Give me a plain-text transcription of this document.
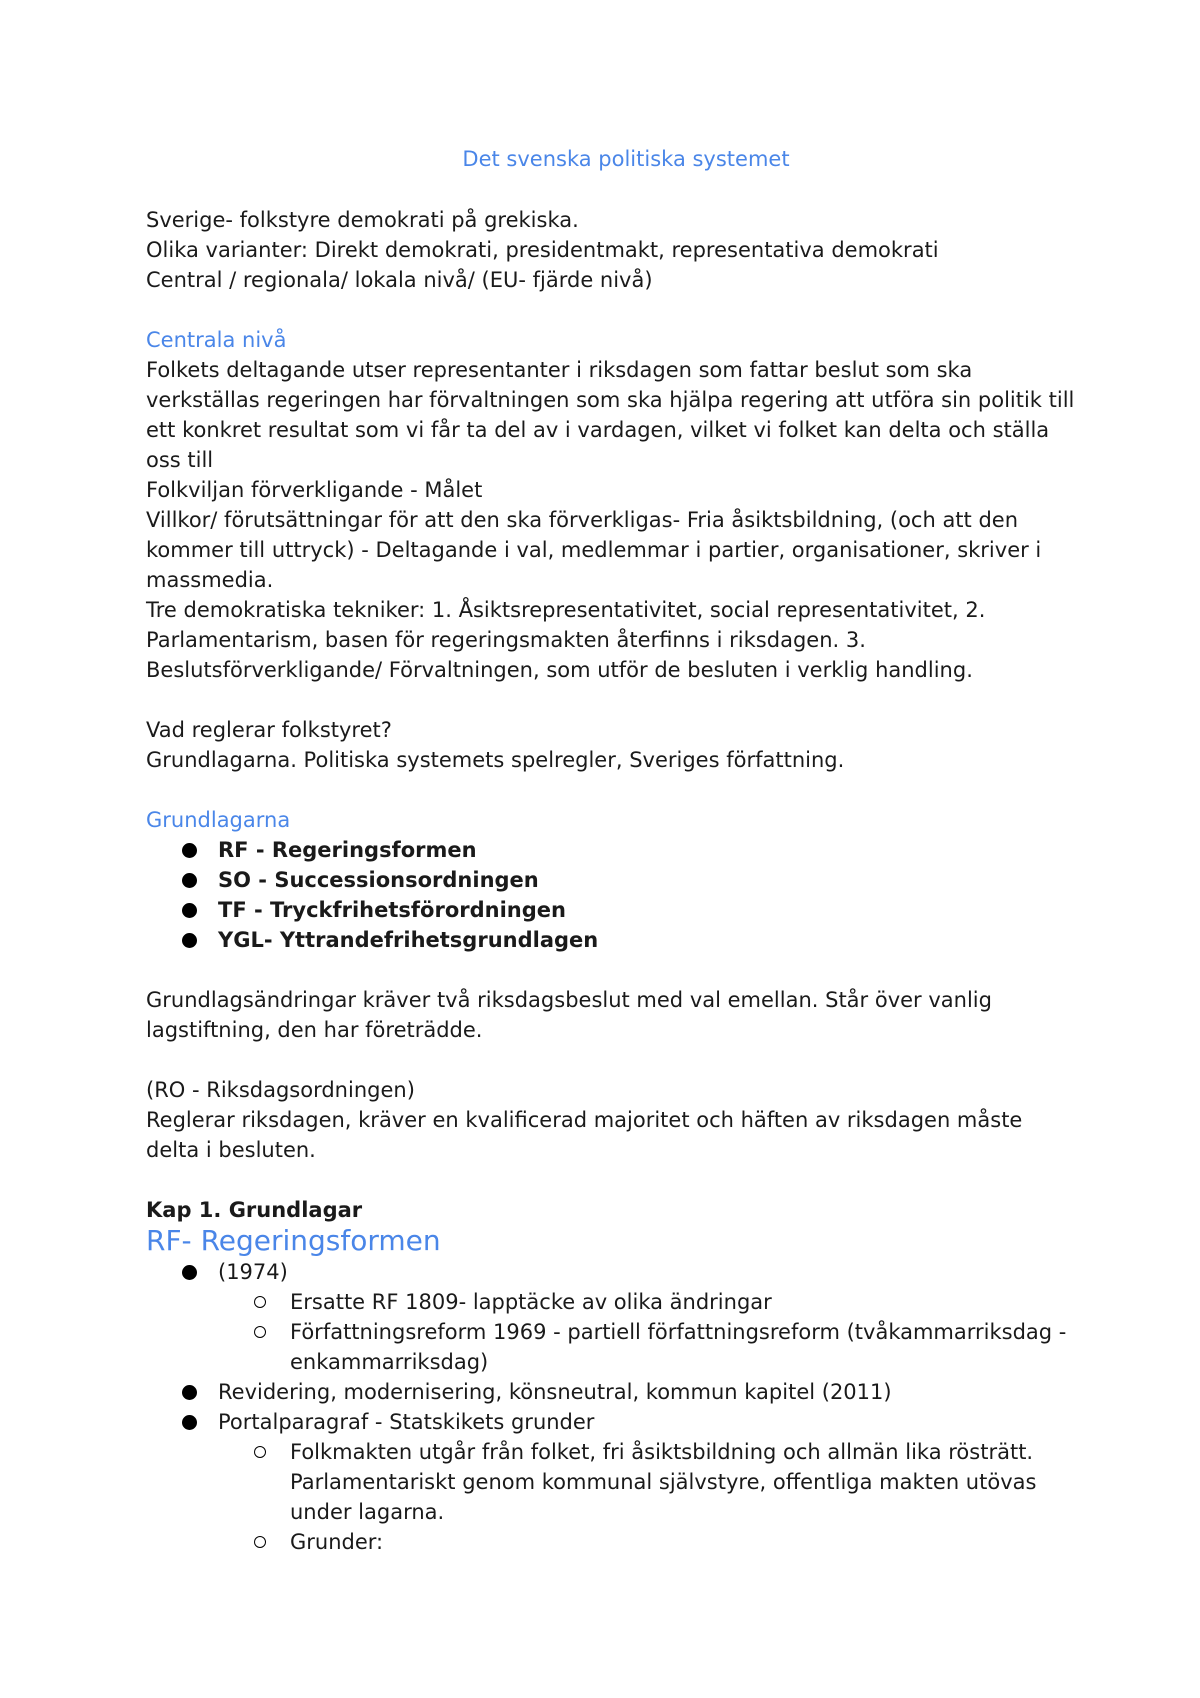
Det svenska politiska systemet

Sverige- folkstyre demokrati på grekiska.

Olika varianter: Direkt demokrati, presidentmakt, representativa demokrati

Central / regionala/ lokala nivå/ (EU- fjärde nivå)

Centrala nivå

Folkets deltagande utser representanter i riksdagen som fattar beslut som ska verkställas regeringen har förvaltningen som ska hjälpa regering att utföra sin politik till ett konkret resultat som vi får ta del av i vardagen, vilket vi folket kan delta och ställa oss till

Folkviljan förverkligande - Målet

Villkor/ förutsättningar för att den ska förverkligas- Fria åsiktsbildning, (och att den kommer till uttryck) - Deltagande i val, medlemmar i partier, organisationer, skriver i massmedia.

Tre demokratiska tekniker: 1. Åsiktsrepresentativitet, social representativitet, 2. Parlamentarism, basen för regeringsmakten återfinns i riksdagen. 3. Beslutsförverkligande/ Förvaltningen, som utför de besluten i verklig handling.

Vad reglerar folkstyret?

Grundlagarna. Politiska systemets spelregler, Sveriges författning.

Grundlagarna

RF - Regeringsformen
SO - Successionsordningen
TF - Tryckfrihetsförordningen
YGL- Yttrandefrihetsgrundlagen

Grundlagsändringar kräver två riksdagsbeslut med val emellan. Står över vanlig lagstiftning, den har företrädde.

(RO - Riksdagsordningen)

Reglerar riksdagen, kräver en kvalificerad majoritet och häften av riksdagen måste delta i besluten.

Kap 1. Grundlagar

RF- Regeringsformen

(1974)
Ersatte RF 1809- lapptäcke av olika ändringar
Författningsreform 1969 - partiell författningsreform (tvåkammarriksdag - enkammarriksdag)
Revidering, modernisering, könsneutral, kommun kapitel (2011)
Portalparagraf - Statskikets grunder
Folkmakten utgår från folket, fri åsiktsbildning och allmän lika rösträtt. Parlamentariskt genom kommunal självstyre, offentliga makten utövas under lagarna.
Grunder:
